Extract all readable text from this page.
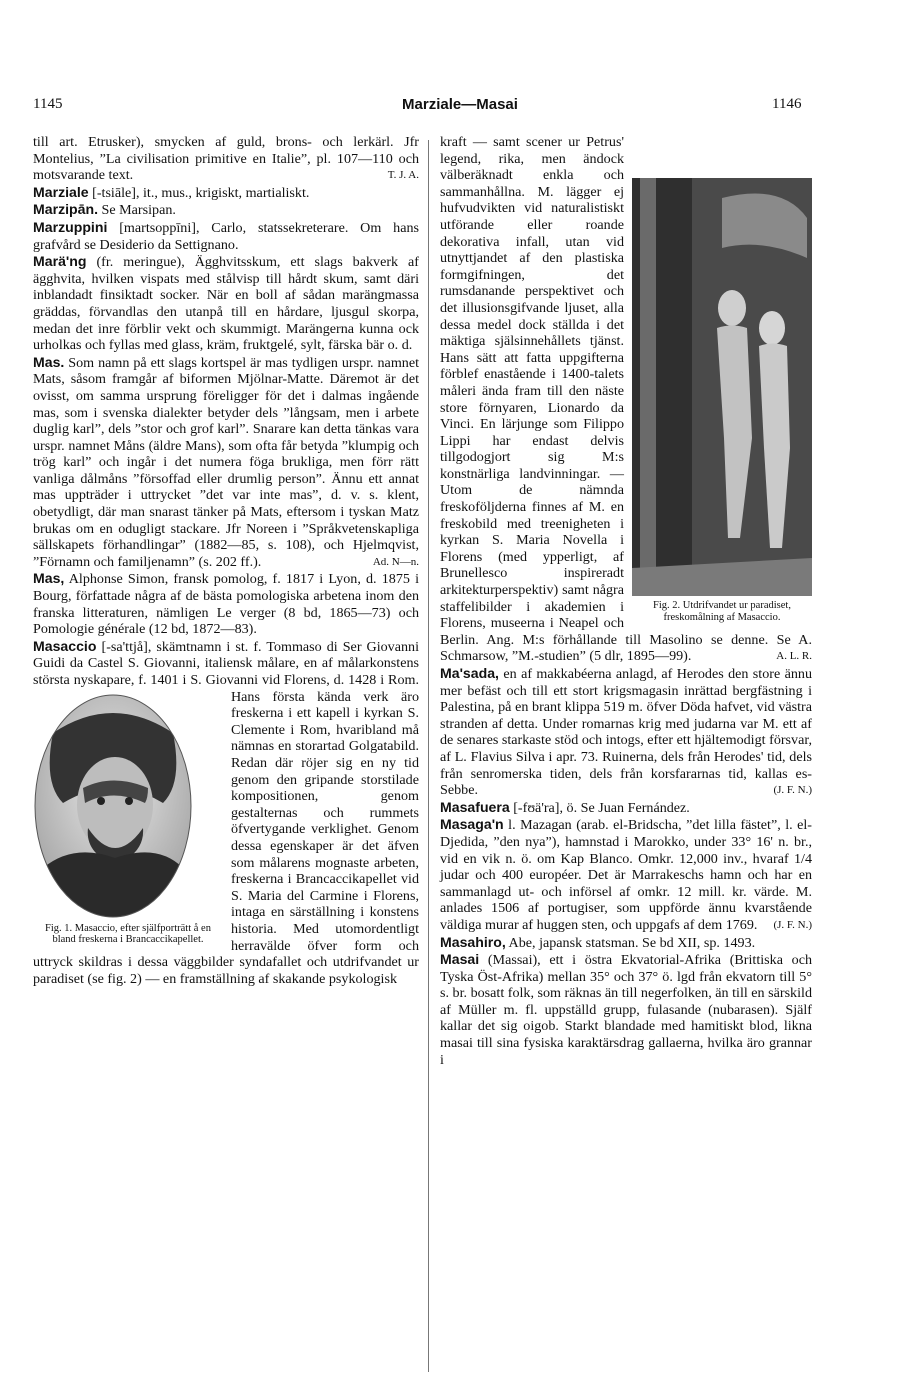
1145	Marziale—Masai	1146

till art. Etrusker), smycken af guld, brons- och lerkärl. Jfr Montelius, ”La civilisation primitive en Italie”, pl. 107—110 och motsvarande text.	T. J. A.

Marziale [-tsiāle], it., mus., krigiskt, martialiskt.

Marzipān. Se Marsipan.

Marzuppini [martsoppīni], Carlo, statssekreterare. Om hans grafvård se Desiderio da Settignano.

Marä'ng (fr. meringue), Ägghvitsskum, ett slags bakverk af ägghvita, hvilken vispats med stålvisp till hårdt skum, samt däri inblandadt finsiktadt socker. När en boll af sådan marängmassa gräddas, förvandlas den utanpå till en hårdare, ljusgul skorpa, medan det inre förblir vekt och skummigt. Marängerna kunna ock urholkas och fyllas med glass, kräm, fruktgelé, sylt, färska bär o. d.

Mas. Som namn på ett slags kortspel är mas tydligen urspr. namnet Mats, såsom framgår af biformen Mjölnar-Matte. Däremot är det ovisst, om samma ursprung föreligger för det i dalmas ingående mas, som i svenska dialekter betyder dels ”långsam, men i arbete duglig karl”, dels ”stor och grof karl”. Snarare kan detta tänkas vara urspr. namnet Måns (äldre Mans), som ofta får betyda ”klumpig och trög karl” och ingår i det numera föga brukliga, men förr rätt vanliga dålmåns ”försoffad eller drumlig person”. Ännu ett annat mas uppträder i uttrycket ”det var inte mas”, d. v. s. klent, obetydligt, där man snarast tänker på Mats, eftersom i tyskan Matz brukas om en odugligt stackare. Jfr Noreen i ”Språkvetenskapliga sällskapets förhandlingar” (1882—85, s. 108), och Hjelmqvist, ”Förnamn och familjenamn” (s. 202 ff.).	Ad. N—n.

Mas, Alphonse Simon, fransk pomolog, f. 1817 i Lyon, d. 1875 i Bourg, författade några af de bästa pomologiska arbetena inom den franska litteraturen, nämligen Le verger (8 bd, 1865—73) och Pomologie générale (12 bd, 1872—83).

Masaccio [-sa'ttjå], skämtnamn i st. f. Tommaso di Ser Giovanni Guidi da Castel S. Giovanni, italiensk målare, en af målarkonstens största nyskapare, f. 1401 i S. Giovanni vid Florens,
Fig. 1. Masaccio, efter själfporträtt å en bland freskerna i Brancaccikapellet.
d. 1428 i Rom. Hans första kända verk äro freskerna i ett kapell i kyrkan S. Clemente i Rom, hvaribland må nämnas en storartad Golgatabild. Redan där röjer sig en ny tid genom den gripande storstilade kompositionen, genom gestalternas och rummets öfvertygande verklighet. Genom dessa egenskaper är det äfven som målarens mognaste arbeten, freskerna i Brancaccikapellet vid S. Maria del Carmine i Florens, intaga en särställning i konstens historia. Med utomordentligt herravälde öfver form och uttryck skildras i dessa väggbilder syndafallet och utdrifvandet ur paradiset (se fig. 2) — en framställning af skakande psykologisk

Fig. 2. Utdrifvandet ur paradiset, freskomålning af Masaccio.

kraft — samt scener ur Petrus' legend, rika, men ändock välberäknadt enkla och sammanhållna. M. lägger ej hufvudvikten vid naturalistiskt utförande eller roande dekorativa infall, utan vid utnyttjandet af den plastiska formgifningen, det rumsdanande perspektivet och det illusionsgifvande ljuset, alla dessa medel dock ställda i det mäktiga själsinnehållets tjänst. Hans sätt att fatta uppgifterna förblef enastående i 1400-talets måleri ända fram till den näste store förnyaren, Lionardo da Vinci. En lärjunge som Filippo Lippi har endast delvis tillgodogjort sig M:s konstnärliga landvinningar. — Utom de nämnda freskoföljderna finnes af M. en freskobild med treenigheten i kyrkan S. Maria Novella i Florens (med ypperligt, af Brunellesco inspireradt arkitekturperspektiv) samt några staffelibilder i akademien i Florens, museerna i Neapel och Berlin. Ang. M:s förhållande till Masolino se denne. Se A. Schmarsow, ”M.-studien” (5 dlr, 1895—99).	A. L. R.

Ma'sada, en af makkabéerna anlagd, af Herodes den store ännu mer befäst och till ett stort krigsmagasin inrättad bergfästning i Palestina, på en brant klippa 519 m. öfver Döda hafvet, vid västra stranden af detta. Under romarnas krig med judarna var M. ett af de senares starkaste stöd och intogs, efter ett hjältemodigt försvar, af L. Flavius Silva i apr. 73. Ruinerna, dels från Herodes' tid, dels från senromerska tiden, dels från korsfararnas tid, kallas es-Sebbe.	(J. F. N.)

Masafuera [-fʊä'ra], ö. Se Juan Fernández.

Masaga'n l. Mazagan (arab. el-Bridscha, ”det lilla fästet”, l. el-Djedida, ”den nya”), hamnstad i Marokko, under 33° 16' n. br., vid en vik n. ö. om Kap Blanco. Omkr. 12,000 inv., hvaraf 1/4 judar och 400 européer. Det är Marrakeschs hamn och har en sammanlagd ut- och införsel af omkr. 12 mill. kr. värde. M. anlades 1506 af portugiser, som uppförde ännu kvarstående väldiga murar af huggen sten, och uppgafs af dem 1769. (J. F. N.)

Masahiro, Abe, japansk statsman. Se bd XII, sp. 1493.

Masai (Massai), ett i östra Ekvatorial-Afrika (Brittiska och Tyska Öst-Afrika) mellan 35° och 37° ö. lgd från ekvatorn till 5° s. br. bosatt folk, som räknas än till negerfolken, än till en särskild af Müller m. fl. uppställd grupp, fulasande (nubarasen). Själf kallar det sig oigob. Starkt blandade med hamitiskt blod, likna masai till sina fysiska karaktärsdrag gallaerna, hvilka äro grannar i
